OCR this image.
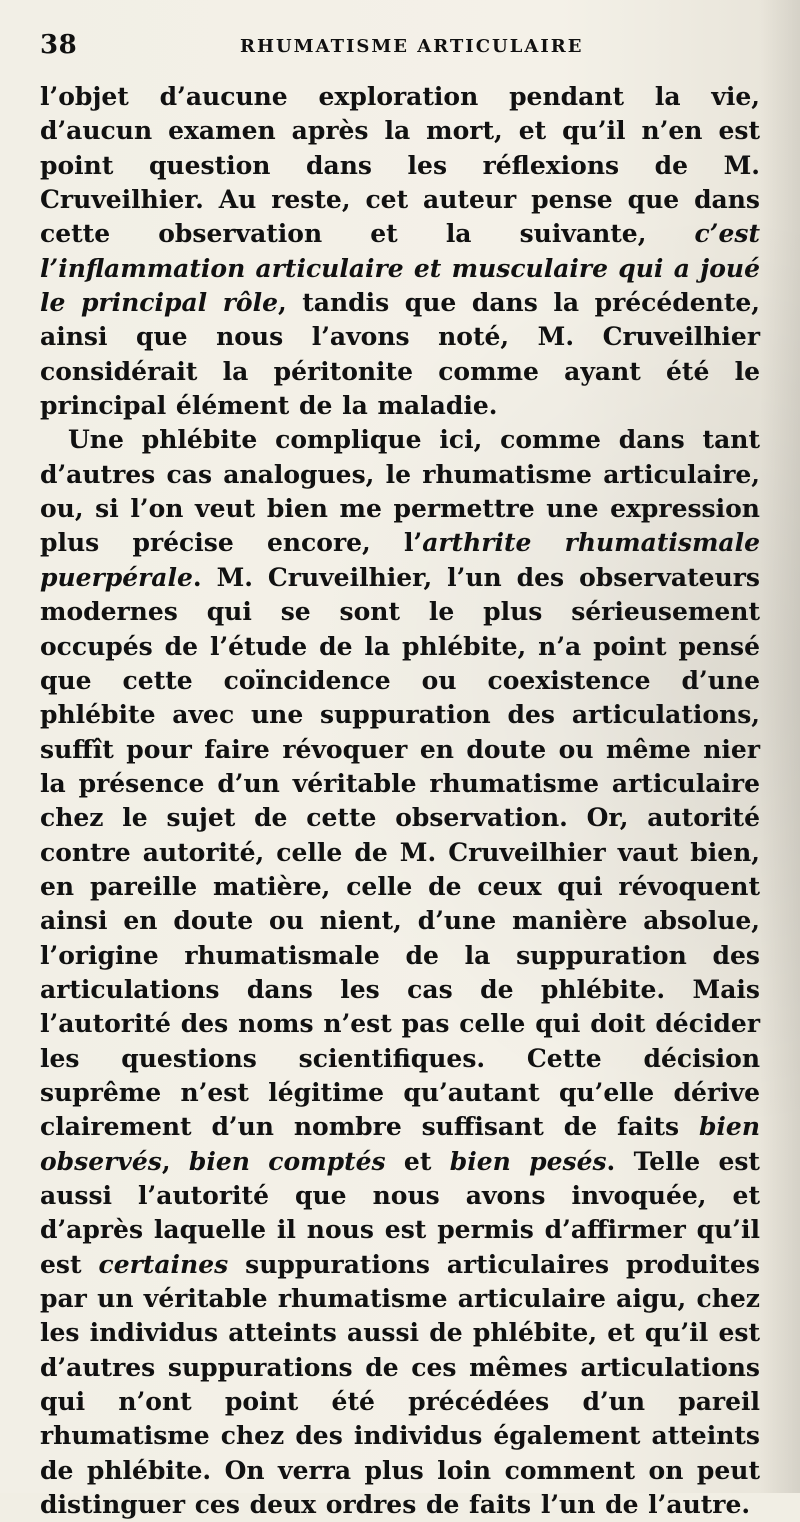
38	RHUMATISME ARTICULAIRE

l’objet d’aucune exploration pendant la vie, d’aucun examen après la mort, et qu’il n’en est point question dans les réflexions de M. Cruveilhier. Au reste, cet auteur pense que dans cette observation et la suivante, c’est l’inflammation articulaire et musculaire qui a joué le principal rôle, tandis que dans la précédente, ainsi que nous l’avons noté, M. Cruveilhier considérait la péritonite comme ayant été le principal élément de la maladie.

Une phlébite complique ici, comme dans tant d’autres cas analogues, le rhumatisme articulaire, ou, si l’on veut bien me permettre une expression plus précise encore, l’arthrite rhumatismale puerpérale. M. Cruveilhier, l’un des observateurs modernes qui se sont le plus sérieusement occupés de l’étude de la phlébite, n’a point pensé que cette coïncidence ou coexistence d’une phlébite avec une suppuration des articulations, suffît pour faire révoquer en doute ou même nier la présence d’un véritable rhumatisme articulaire chez le sujet de cette observation. Or, autorité contre autorité, celle de M. Cruveilhier vaut bien, en pareille matière, celle de ceux qui révoquent ainsi en doute ou nient, d’une manière absolue, l’origine rhumatismale de la suppuration des articulations dans les cas de phlébite. Mais l’autorité des noms n’est pas celle qui doit décider les questions scientifiques. Cette décision suprême n’est légitime qu’autant qu’elle dérive clairement d’un nombre suffisant de faits bien observés, bien comptés et bien pesés. Telle est aussi l’autorité que nous avons invoquée, et d’après laquelle il nous est permis d’affirmer qu’il est certaines suppurations articulaires produites par un véritable rhumatisme articulaire aigu, chez les individus atteints aussi de phlébite, et qu’il est d’autres suppurations de ces mêmes articulations qui n’ont point été précédées d’un pareil rhumatisme chez des individus également atteints de phlébite. On verra plus loin comment on peut distinguer ces deux ordres de faits l’un de l’autre.
